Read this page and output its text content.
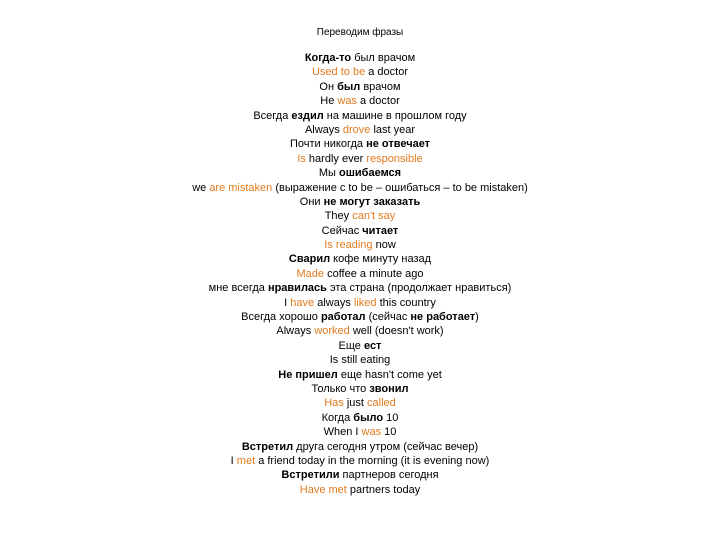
Переводим фразы
Когда-то был врачом
Used to be a doctor
Он был врачом
He was a doctor
Всегда ездил на машине в прошлом году
Always drove last year
Почти никогда не отвечает
Is hardly ever responsible
Мы ошибаемся
we are mistaken (выражение с to be – ошибаться – to be mistaken)
Они не могут заказать
They can't say
Сейчас читает
Is reading now
Сварил кофе минуту назад
Made coffee a minute ago
мне всегда нравилась эта страна (продолжает нравиться)
I have always liked this country
Всегда хорошо работал (сейчас не работает)
Always worked well (doesn't work)
Еще ест
Is still eating
Не пришел еще hasn't come yet
Только что звонил
Has just called
Когда было 10
When I was 10
Встретил друга сегодня утром (сейчас вечер)
I met a friend today in the morning (it is evening now)
Встретили партнеров сегодня
Have met partners today
